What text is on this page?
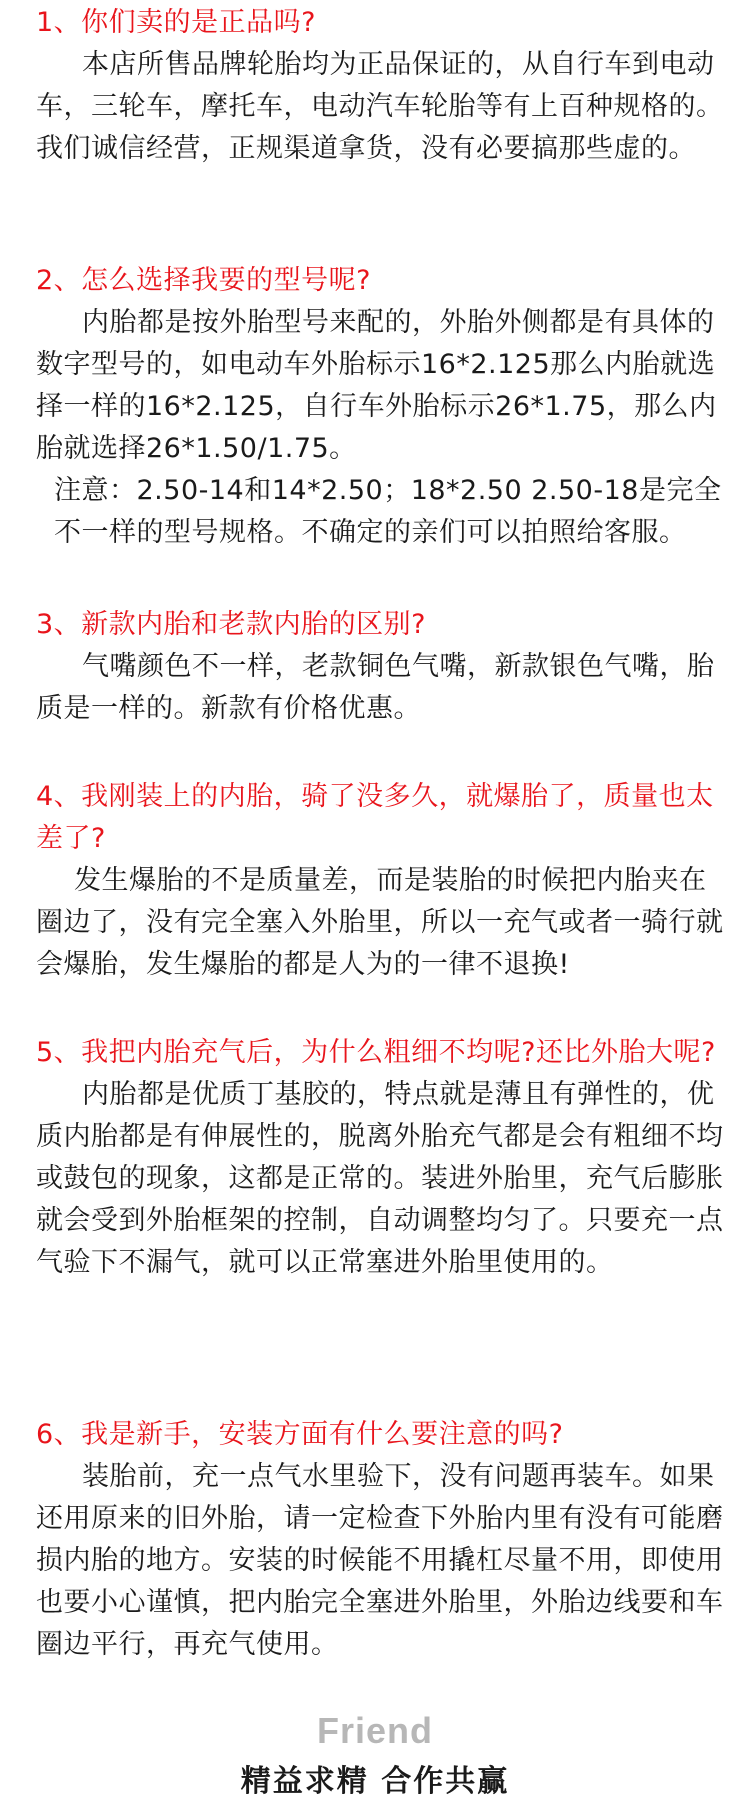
1、你们卖的是正品吗?

本店所售品牌轮胎均为正品保证的，从自行车到电动车，三轮车，摩托车，电动汽车轮胎等有上百种规格的。我们诚信经营，正规渠道拿货，没有必要搞那些虚的。

2、怎么选择我要的型号呢?

内胎都是按外胎型号来配的，外胎外侧都是有具体的数字型号的，如电动车外胎标示16*2.125那么内胎就选择一样的16*2.125，自行车外胎标示26*1.75，那么内胎就选择26*1.50/1.75。

注意：2.50-14和14*2.50；18*2.50 2.50-18是完全不一样的型号规格。不确定的亲们可以拍照给客服。

3、新款内胎和老款内胎的区别?

气嘴颜色不一样，老款铜色气嘴，新款银色气嘴，胎质是一样的。新款有价格优惠。

4、我刚装上的内胎，骑了没多久，就爆胎了，质量也太差了?

发生爆胎的不是质量差，而是装胎的时候把内胎夹在圈边了，没有完全塞入外胎里，所以一充气或者一骑行就会爆胎，发生爆胎的都是人为的一律不退换!

5、我把内胎充气后，为什么粗细不均呢?还比外胎大呢?

内胎都是优质丁基胶的，特点就是薄且有弹性的，优质内胎都是有伸展性的，脱离外胎充气都是会有粗细不均或鼓包的现象，这都是正常的。装进外胎里，充气后膨胀就会受到外胎框架的控制，自动调整均匀了。只要充一点气验下不漏气，就可以正常塞进外胎里使用的。

6、我是新手，安装方面有什么要注意的吗?

装胎前，充一点气水里验下，没有问题再装车。如果还用原来的旧外胎，请一定检查下外胎内里有没有可能磨损内胎的地方。安装的时候能不用撬杠尽量不用，即使用也要小心谨慎，把内胎完全塞进外胎里，外胎边线要和车圈边平行，再充气使用。

Friend
精益求精 合作共赢
